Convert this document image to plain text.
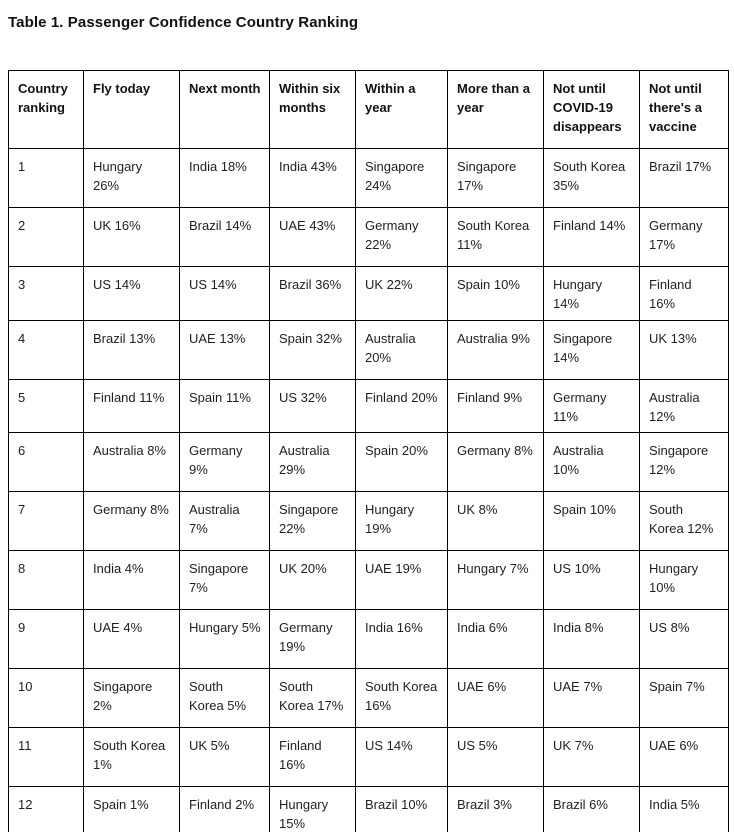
Table 1. Passenger Confidence Country Ranking
Country ranking	Fly today	Next month	Within six months	Within a year	More than a year	Not until COVID-19 disappears	Not until there's a vaccine
1	Hungary 26%	India 18%	India 43%	Singapore 24%	Singapore 17%	South Korea 35%	Brazil 17%
2	UK 16%	Brazil 14%	UAE 43%	Germany 22%	South Korea 11%	Finland 14%	Germany 17%
3	US 14%	US 14%	Brazil 36%	UK 22%	Spain 10%	Hungary 14%	Finland 16%
4	Brazil 13%	UAE 13%	Spain 32%	Australia 20%	Australia 9%	Singapore 14%	UK 13%
5	Finland 11%	Spain 11%	US 32%	Finland 20%	Finland 9%	Germany 11%	Australia 12%
6	Australia 8%	Germany 9%	Australia 29%	Spain 20%	Germany 8%	Australia 10%	Singapore 12%
7	Germany 8%	Australia 7%	Singapore 22%	Hungary 19%	UK 8%	Spain 10%	South Korea 12%
8	India 4%	Singapore 7%	UK 20%	UAE 19%	Hungary 7%	US 10%	Hungary 10%
9	UAE 4%	Hungary 5%	Germany 19%	India 16%	India 6%	India 8%	US 8%
10	Singapore 2%	South Korea 5%	South Korea 17%	South Korea 16%	UAE 6%	UAE 7%	Spain 7%
11	South Korea 1%	UK 5%	Finland 16%	US 14%	US 5%	UK 7%	UAE 6%
12	Spain 1%	Finland 2%	Hungary 15%	Brazil 10%	Brazil 3%	Brazil 6%	India 5%
